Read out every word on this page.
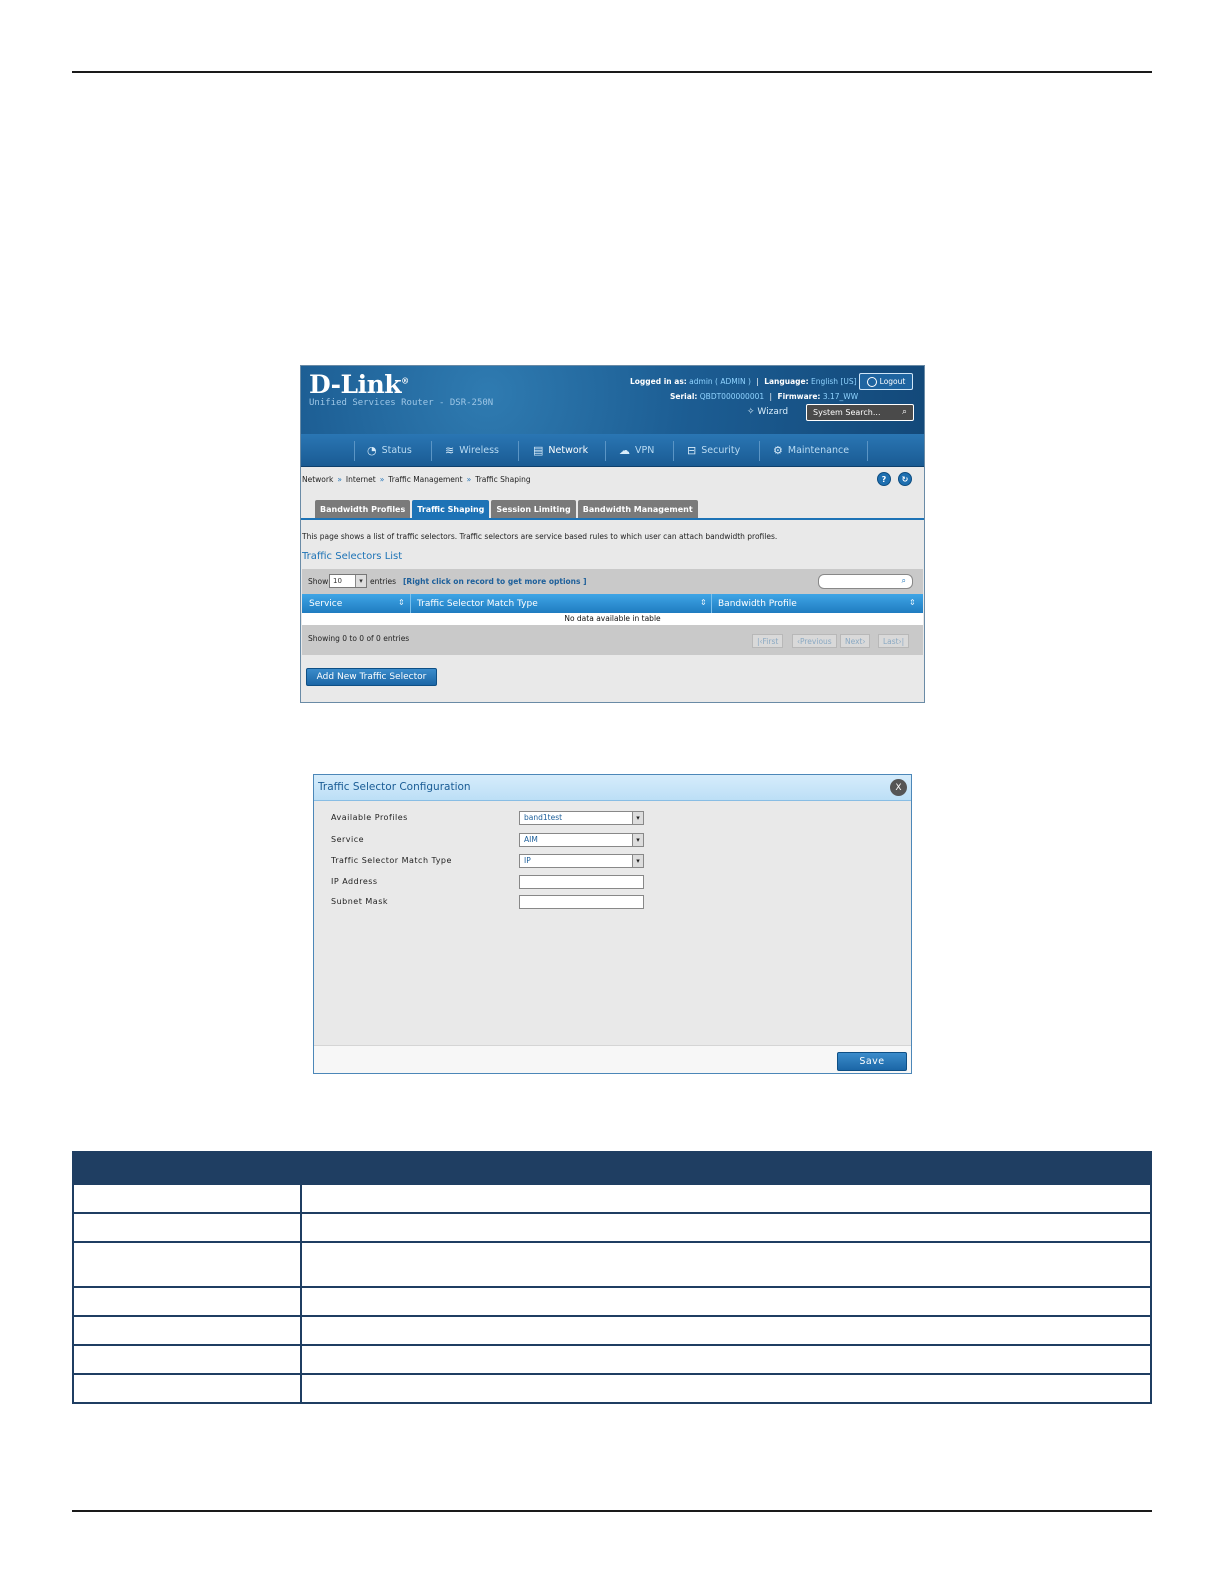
D-Link®
Unified Services Router - DSR-250N
Logged in as: admin ( ADMIN ) | Language: English [US]
Serial: QBDT000000001 | Firmware: 3.17_WW
Logout
✧ Wizard	System Search... ⌕
◔ Status	≋ Wireless	▤ Network	☁ VPN	⊟ Security	⚙ Maintenance
Network » Internet » Traffic Management » Traffic Shaping	?	↻
Bandwidth Profiles	Traffic Shaping	Session Limiting	Bandwidth Management
This page shows a list of traffic selectors. Traffic selectors are service based rules to which user can attach bandwidth profiles.
Traffic Selectors List
Show 10	▾ entries [Right click on record to get more options ]	⌕
Service	⇕	Traffic Selector Match Type	⇕	Bandwidth Profile	⇕
No data available in table
Showing 0 to 0 of 0 entries	|‹ First	‹ Previous Next ›	Last ›|
Add New Traffic Selector
Traffic Selector Configuration	X
Available Profiles	band1test	▾
Service	AIM	▾
Traffic Selector Match Type	IP	▾
IP Address
Subnet Mask
Save
